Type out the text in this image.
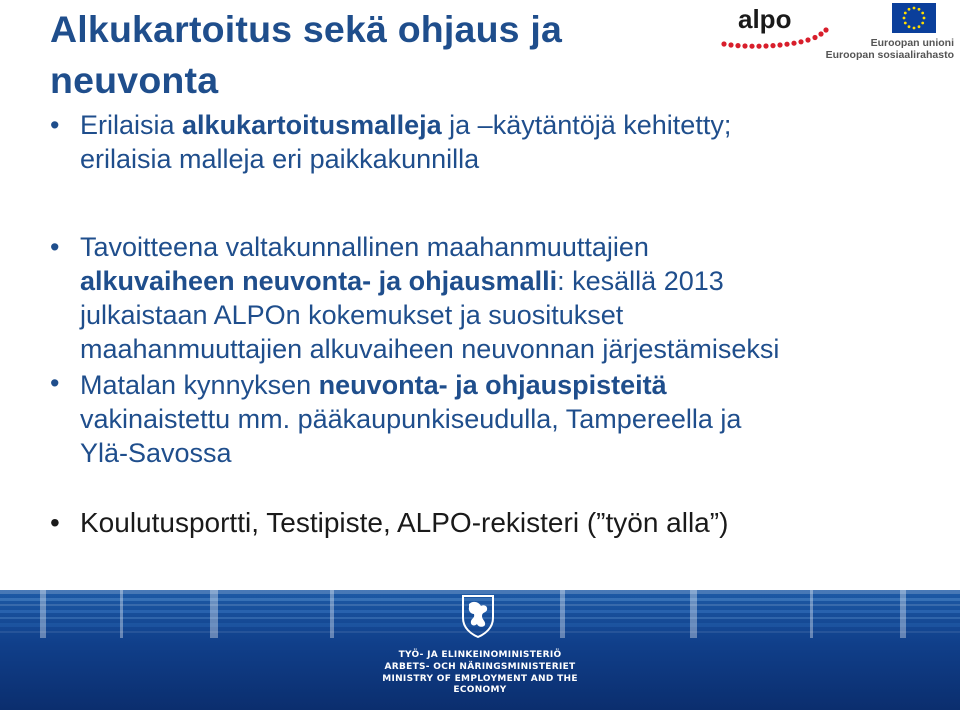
Alkukartoitus sekä ohjaus ja
neuvonta
alpo
Euroopan unioni
Euroopan sosiaalirahasto
• Erilaisia alkukartoitusmalleja ja –käytäntöjä kehitetty;
erilaisia malleja eri paikkakunnilla
• Tavoitteena valtakunnallinen maahanmuuttajien
alkuvaiheen neuvonta- ja ohjausmalli: kesällä 2013
julkaistaan ALPOn kokemukset ja suositukset
maahanmuuttajien alkuvaiheen neuvonnan järjestämiseksi
• Matalan kynnyksen neuvonta- ja ohjauspisteitä
vakinaistettu mm. pääkaupunkiseudulla, Tampereella ja
Ylä-Savossa
• Koulutusportti, Testipiste, ALPO-rekisteri (”työn alla”)
TYÖ- JA ELINKEINOMINISTERIÖ
ARBETS- OCH NÄRINGSMINISTERIET
MINISTRY OF EMPLOYMENT AND THE ECONOMY
